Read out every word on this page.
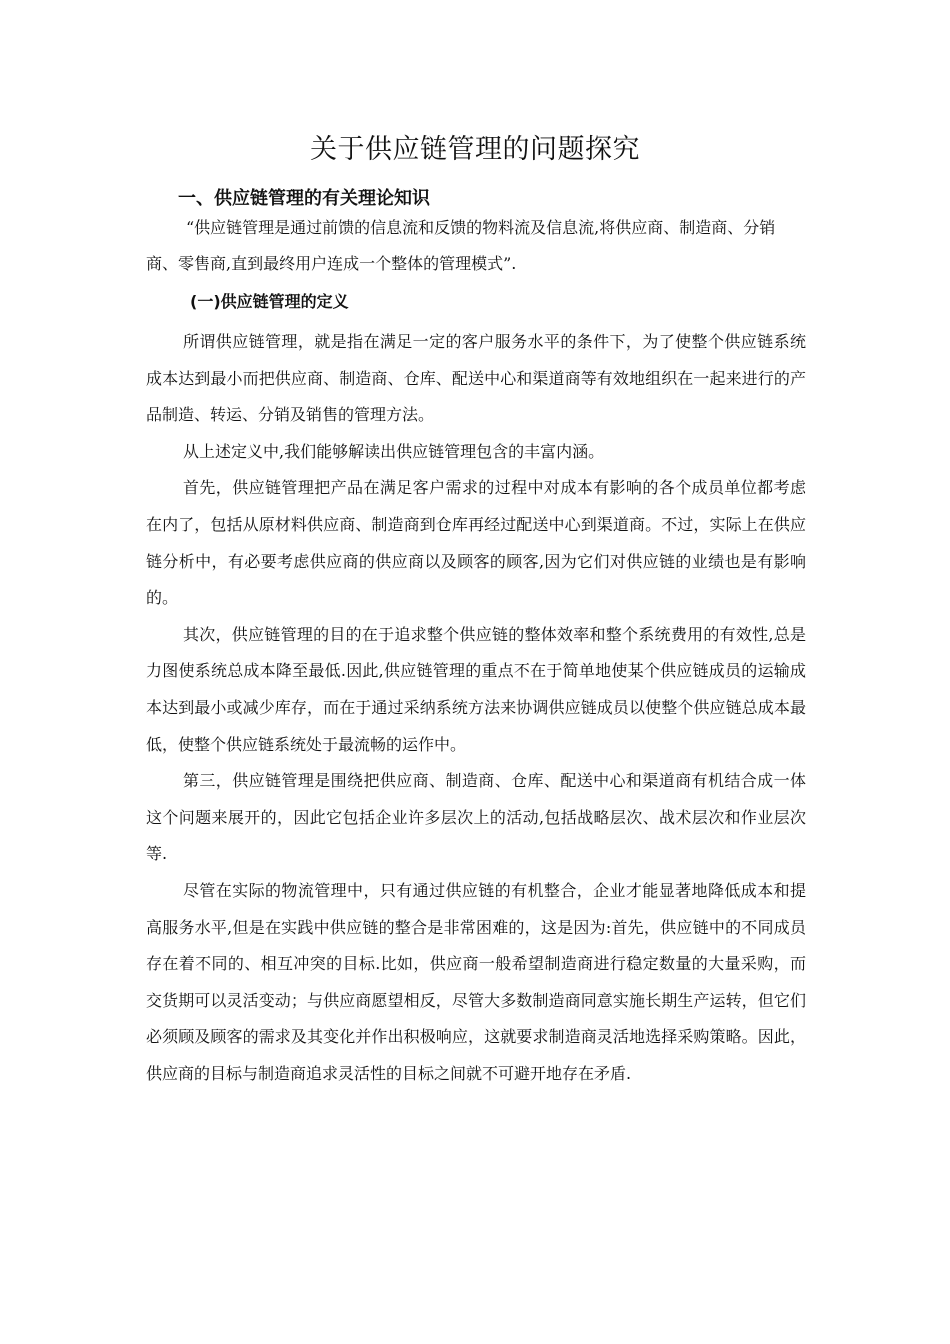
关于供应链管理的问题探究
一、供应链管理的有关理论知识

“供应链管理是通过前馈的信息流和反馈的物料流及信息流,将供应商、制造商、分销商、零售商,直到最终用户连成一个整体的管理模式”.

(一)供应链管理的定义

所谓供应链管理，就是指在满足一定的客户服务水平的条件下，为了使整个供应链系统成本达到最小而把供应商、制造商、仓库、配送中心和渠道商等有效地组织在一起来进行的产品制造、转运、分销及销售的管理方法。

从上述定义中,我们能够解读出供应链管理包含的丰富内涵。

首先，供应链管理把产品在满足客户需求的过程中对成本有影响的各个成员单位都考虑在内了，包括从原材料供应商、制造商到仓库再经过配送中心到渠道商。不过，实际上在供应链分析中，有必要考虑供应商的供应商以及顾客的顾客,因为它们对供应链的业绩也是有影响的。

其次，供应链管理的目的在于追求整个供应链的整体效率和整个系统费用的有效性,总是力图使系统总成本降至最低.因此,供应链管理的重点不在于简单地使某个供应链成员的运输成本达到最小或减少库存，而在于通过采纳系统方法来协调供应链成员以使整个供应链总成本最低，使整个供应链系统处于最流畅的运作中。

第三，供应链管理是围绕把供应商、制造商、仓库、配送中心和渠道商有机结合成一体这个问题来展开的，因此它包括企业许多层次上的活动,包括战略层次、战术层次和作业层次等.

尽管在实际的物流管理中，只有通过供应链的有机整合，企业才能显著地降低成本和提高服务水平,但是在实践中供应链的整合是非常困难的，这是因为:首先，供应链中的不同成员存在着不同的、相互冲突的目标.比如，供应商一般希望制造商进行稳定数量的大量采购，而交货期可以灵活变动；与供应商愿望相反，尽管大多数制造商同意实施长期生产运转，但它们必须顾及顾客的需求及其变化并作出积极响应，这就要求制造商灵活地选择采购策略。因此，供应商的目标与制造商追求灵活性的目标之间就不可避开地存在矛盾.
